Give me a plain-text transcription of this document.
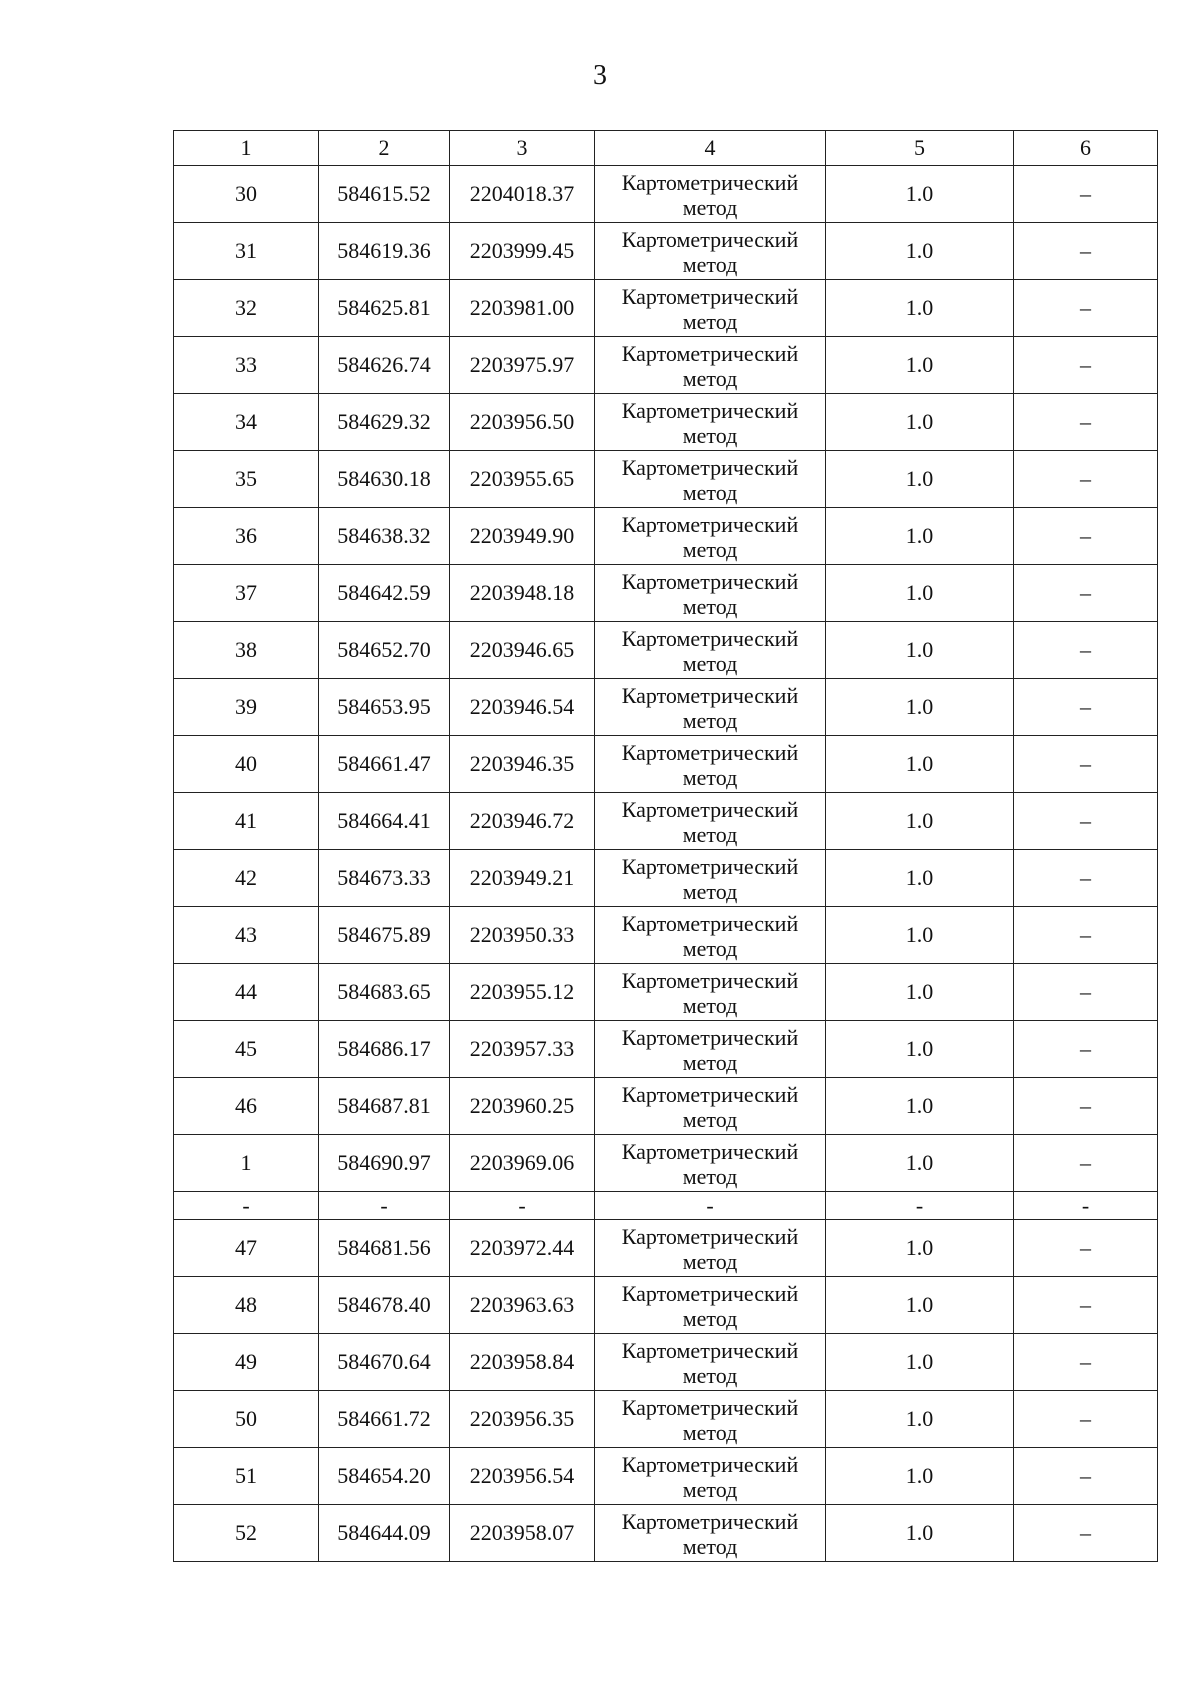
3
1	2	3	4	5	6
30	584615.52	2204018.37	Картометрический метод	1.0	–
31	584619.36	2203999.45	Картометрический метод	1.0	–
32	584625.81	2203981.00	Картометрический метод	1.0	–
33	584626.74	2203975.97	Картометрический метод	1.0	–
34	584629.32	2203956.50	Картометрический метод	1.0	–
35	584630.18	2203955.65	Картометрический метод	1.0	–
36	584638.32	2203949.90	Картометрический метод	1.0	–
37	584642.59	2203948.18	Картометрический метод	1.0	–
38	584652.70	2203946.65	Картометрический метод	1.0	–
39	584653.95	2203946.54	Картометрический метод	1.0	–
40	584661.47	2203946.35	Картометрический метод	1.0	–
41	584664.41	2203946.72	Картометрический метод	1.0	–
42	584673.33	2203949.21	Картометрический метод	1.0	–
43	584675.89	2203950.33	Картометрический метод	1.0	–
44	584683.65	2203955.12	Картометрический метод	1.0	–
45	584686.17	2203957.33	Картометрический метод	1.0	–
46	584687.81	2203960.25	Картометрический метод	1.0	–
1	584690.97	2203969.06	Картометрический метод	1.0	–
-	-	-	-	-	-
47	584681.56	2203972.44	Картометрический метод	1.0	–
48	584678.40	2203963.63	Картометрический метод	1.0	–
49	584670.64	2203958.84	Картометрический метод	1.0	–
50	584661.72	2203956.35	Картометрический метод	1.0	–
51	584654.20	2203956.54	Картометрический метод	1.0	–
52	584644.09	2203958.07	Картометрический метод	1.0	–
